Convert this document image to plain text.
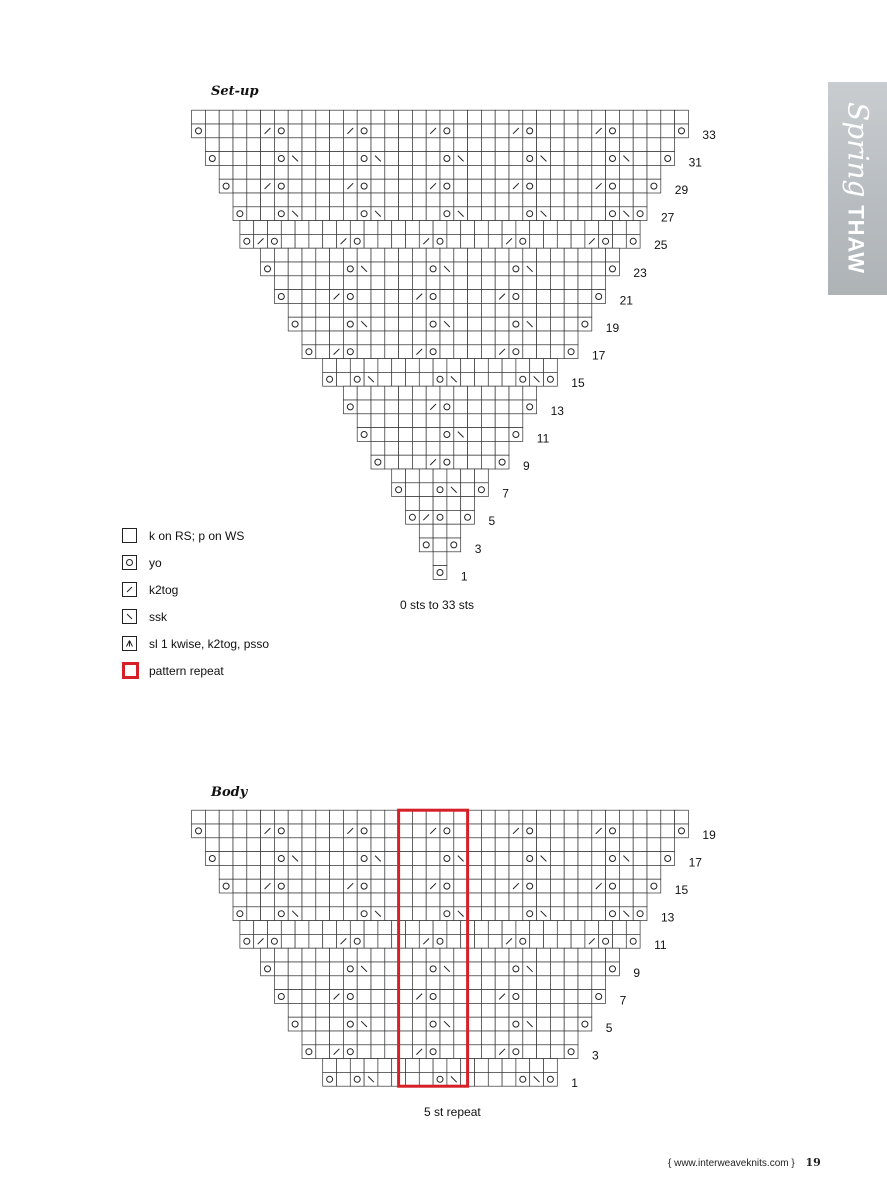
Set-up
33
31
29
27
25
23
21
19
17
15
13
11
9
7
5
3
1
0 sts to 33 sts
k on RS; p on WS
yo
k2tog
ssk
sl 1 kwise, k2tog, psso
pattern repeat
Body
19
17
15
13
11
9
7
5
3
1
5 st repeat
Spring THAW
{ www.interweaveknits.com } 19
